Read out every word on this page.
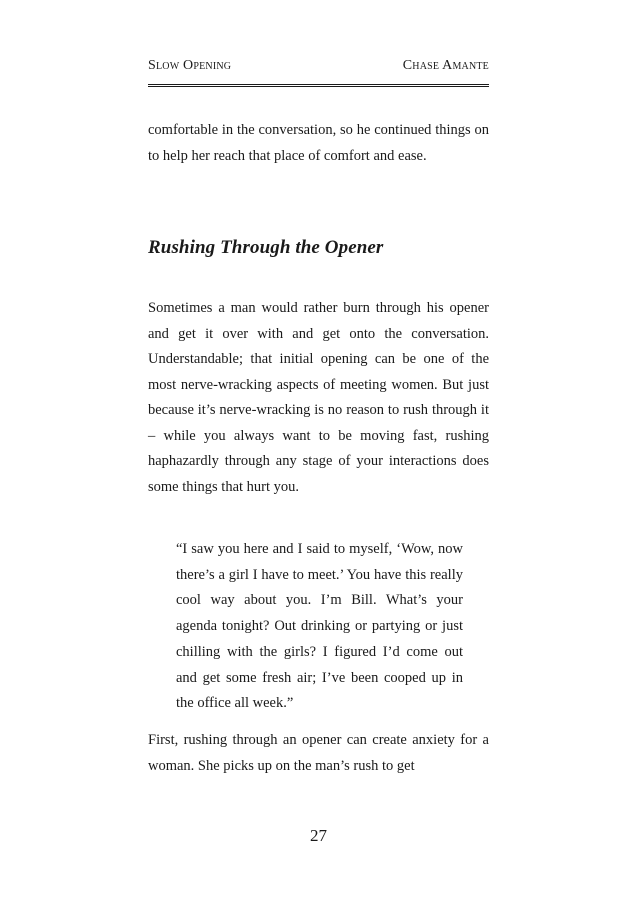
Slow Opening	Chase Amante

comfortable in the conversation, so he continued things on to help her reach that place of comfort and ease.

Rushing Through the Opener

Sometimes a man would rather burn through his opener and get it over with and get onto the conversation. Understandable; that initial opening can be one of the most nerve-wracking aspects of meeting women. But just because it’s nerve-wracking is no reason to rush through it – while you always want to be moving fast, rushing haphazardly through any stage of your interactions does some things that hurt you.

“I saw you here and I said to myself, ‘Wow, now there’s a girl I have to meet.’ You have this really cool way about you. I’m Bill. What’s your agenda tonight? Out drinking or partying or just chilling with the girls? I figured I’d come out and get some fresh air; I’ve been cooped up in the office all week.”

First, rushing through an opener can create anxiety for a woman. She picks up on the man’s rush to get

27
